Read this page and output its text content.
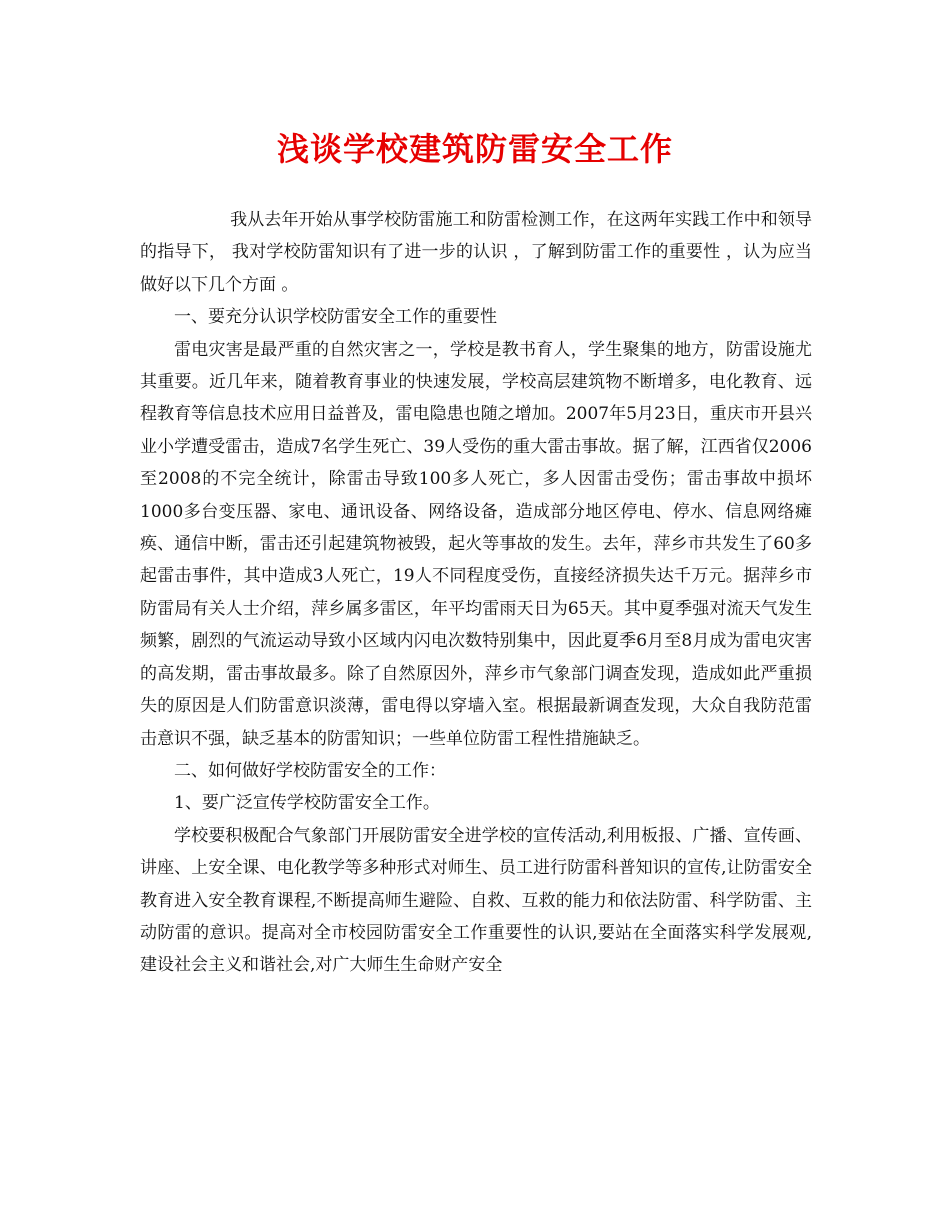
浅谈学校建筑防雷安全工作

我从去年开始从事学校防雷施工和防雷检测工作，在这两年实践工作中和领导的指导下， 我对学校防雷知识有了进一步的认识 ，了解到防雷工作的重要性 ，认为应当做好以下几个方面 。

一、要充分认识学校防雷安全工作的重要性

雷电灾害是最严重的自然灾害之一，学校是教书育人，学生聚集的地方，防雷设施尤其重要。近几年来，随着教育事业的快速发展，学校高层建筑物不断增多，电化教育、远程教育等信息技术应用日益普及，雷电隐患也随之增加。2007年5月23日，重庆市开县兴业小学遭受雷击，造成7名学生死亡、39人受伤的重大雷击事故。据了解，江西省仅2006至2008的不完全统计，除雷击导致100多人死亡，多人因雷击受伤；雷击事故中损坏1000多台变压器、家电、通讯设备、网络设备，造成部分地区停电、停水、信息网络瘫痪、通信中断，雷击还引起建筑物被毁，起火等事故的发生。去年，萍乡市共发生了60多起雷击事件，其中造成3人死亡，19人不同程度受伤，直接经济损失达千万元。据萍乡市防雷局有关人士介绍，萍乡属多雷区，年平均雷雨天日为65天。其中夏季强对流天气发生频繁，剧烈的气流运动导致小区域内闪电次数特别集中，因此夏季6月至8月成为雷电灾害的高发期，雷击事故最多。除了自然原因外，萍乡市气象部门调查发现，造成如此严重损失的原因是人们防雷意识淡薄，雷电得以穿墙入室。根据最新调查发现，大众自我防范雷击意识不强，缺乏基本的防雷知识；一些单位防雷工程性措施缺乏。

二、如何做好学校防雷安全的工作：

1、要广泛宣传学校防雷安全工作。

学校要积极配合气象部门开展防雷安全进学校的宣传活动,利用板报、广播、宣传画、讲座、上安全课、电化教学等多种形式对师生、员工进行防雷科普知识的宣传,让防雷安全教育进入安全教育课程,不断提高师生避险、自救、互救的能力和依法防雷、科学防雷、主动防雷的意识。提高对全市校园防雷安全工作重要性的认识,要站在全面落实科学发展观,建设社会主义和谐社会,对广大师生生命财产安全
